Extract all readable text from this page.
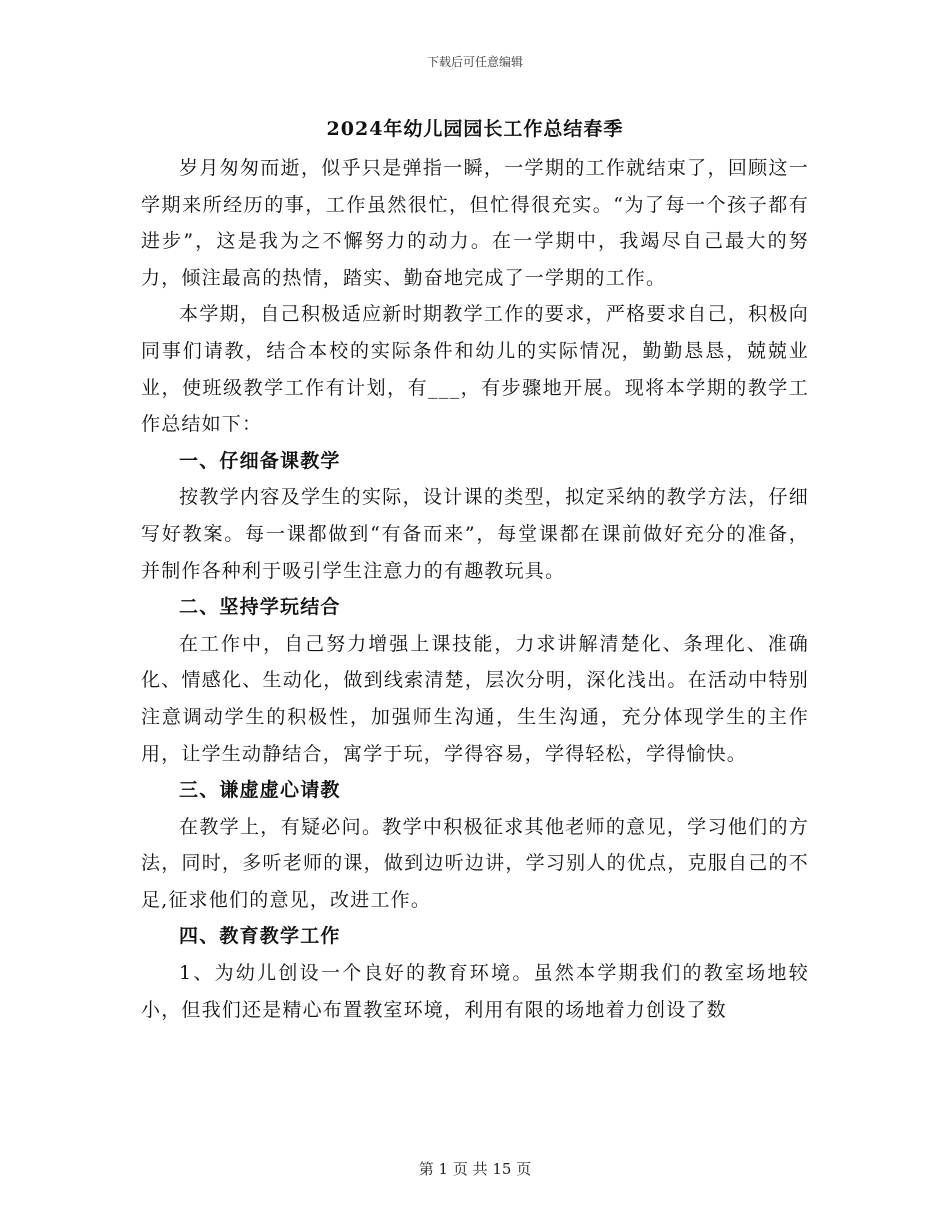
下载后可任意编辑
2024年幼儿园园长工作总结春季

岁月匆匆而逝，似乎只是弹指一瞬，一学期的工作就结束了，回顾这一学期来所经历的事，工作虽然很忙，但忙得很充实。“为了每一个孩子都有进步”，这是我为之不懈努力的动力。在一学期中，我竭尽自己最大的努力，倾注最高的热情，踏实、勤奋地完成了一学期的工作。

本学期，自己积极适应新时期教学工作的要求，严格要求自己，积极向同事们请教，结合本校的实际条件和幼儿的实际情况，勤勤恳恳，兢兢业业，使班级教学工作有计划，有___，有步骤地开展。现将本学期的教学工作总结如下：

一、仔细备课教学

按教学内容及学生的实际，设计课的类型，拟定采纳的教学方法，仔细写好教案。每一课都做到“有备而来”，每堂课都在课前做好充分的准备，并制作各种利于吸引学生注意力的有趣教玩具。

二、坚持学玩结合

在工作中，自己努力增强上课技能，力求讲解清楚化、条理化、准确化、情感化、生动化，做到线索清楚，层次分明，深化浅出。在活动中特别注意调动学生的积极性，加强师生沟通，生生沟通，充分体现学生的主作用，让学生动静结合，寓学于玩，学得容易，学得轻松，学得愉快。

三、谦虚虚心请教

在教学上，有疑必问。教学中积极征求其他老师的意见，学习他们的方法，同时，多听老师的课，做到边听边讲，学习别人的优点，克服自己的不足,征求他们的意见，改进工作。

四、教育教学工作

1、为幼儿创设一个良好的教育环境。虽然本学期我们的教室场地较小，但我们还是精心布置教室环境，利用有限的场地着力创设了数

第 1 页 共 15 页
